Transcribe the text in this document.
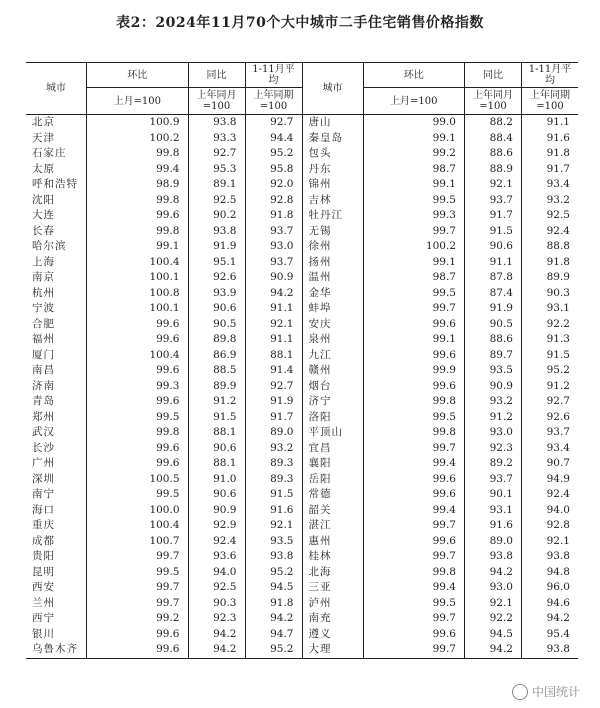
表2：2024年11月70个大中城市二手住宅销售价格指数
城市	环比	同比	1-11月平均	城市	环比	同比	1-11月平均
	上月=100	上年同月=100	上年同期=100		上月=100	上年同月=100	上年同期=100
北京	100.9	93.8	92.7	唐山	99.0	88.2	91.1
天津	100.2	93.3	94.4	秦皇岛	99.1	88.4	91.6
石家庄	99.8	92.7	95.2	包头	99.2	88.6	91.8
太原	99.4	95.3	95.8	丹东	98.7	88.9	91.7
呼和浩特	98.9	89.1	92.0	锦州	99.1	92.1	93.4
沈阳	99.8	92.5	92.8	吉林	99.5	93.7	93.2
大连	99.6	90.2	91.8	牡丹江	99.3	91.7	92.5
长春	99.8	93.8	93.7	无锡	99.7	91.5	92.4
哈尔滨	99.1	91.9	93.0	徐州	100.2	90.6	88.8
上海	100.4	95.1	93.7	扬州	99.1	91.1	91.8
南京	100.1	92.6	90.9	温州	98.7	87.8	89.9
杭州	100.8	93.9	94.2	金华	99.5	87.4	90.3
宁波	100.1	90.6	91.1	蚌埠	99.7	91.9	93.1
合肥	99.6	90.5	92.1	安庆	99.6	90.5	92.2
福州	99.6	89.8	91.1	泉州	99.1	88.6	91.3
厦门	100.4	86.9	88.1	九江	99.6	89.7	91.5
南昌	99.6	88.5	91.4	赣州	99.9	93.5	95.2
济南	99.3	89.9	92.7	烟台	99.6	90.9	91.2
青岛	99.6	91.2	91.9	济宁	99.8	93.2	92.7
郑州	99.5	91.5	91.7	洛阳	99.5	91.2	92.6
武汉	99.8	88.1	89.0	平顶山	99.8	93.0	93.7
长沙	99.6	90.6	93.2	宜昌	99.7	92.3	93.4
广州	99.6	88.1	89.3	襄阳	99.4	89.2	90.7
深圳	100.5	91.0	89.3	岳阳	99.6	93.7	94.9
南宁	99.5	90.6	91.5	常德	99.6	90.1	92.4
海口	100.0	90.9	91.6	韶关	99.4	93.1	94.0
重庆	100.4	92.9	92.1	湛江	99.7	91.6	92.8
成都	100.7	92.4	93.5	惠州	99.6	89.0	92.1
贵阳	99.7	93.6	93.8	桂林	99.7	93.8	93.8
昆明	99.5	94.0	95.2	北海	99.8	94.2	94.8
西安	99.7	92.5	94.5	三亚	99.4	93.0	96.0
兰州	99.7	90.3	91.8	泸州	99.5	92.1	94.6
西宁	99.2	92.3	94.2	南充	99.7	92.2	94.2
银川	99.6	94.2	94.7	遵义	99.6	94.5	95.4
乌鲁木齐	99.6	94.2	95.2	大理	99.7	94.2	93.8
中国统计
